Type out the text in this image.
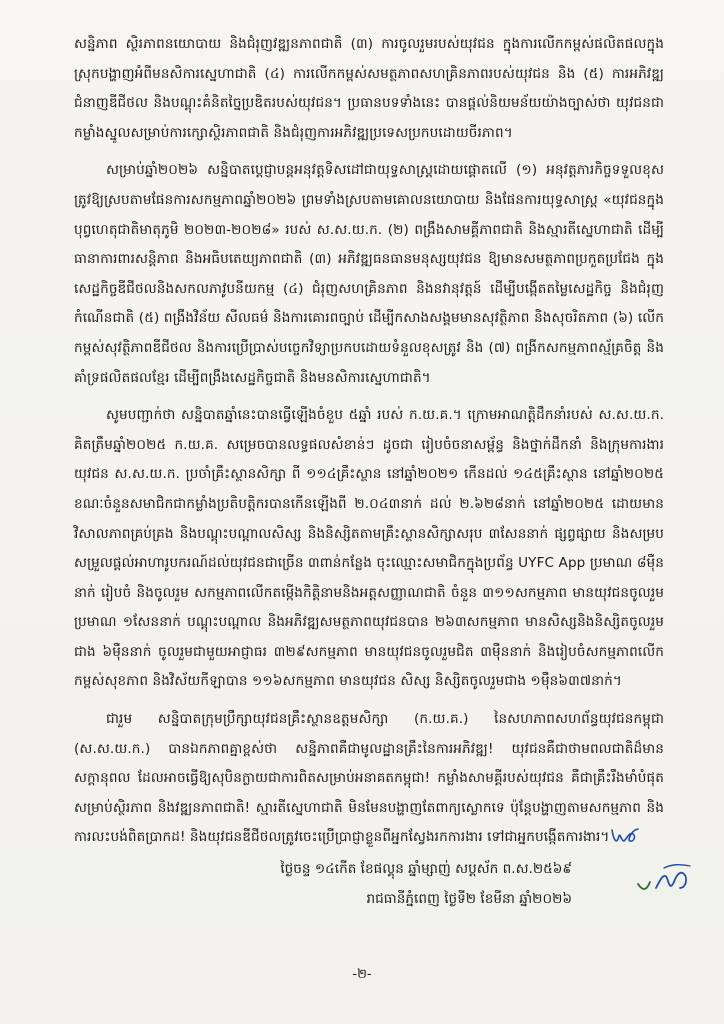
សន្និភាព ស្ថិរភាពនយោបាយ និងជំរុញវឌ្ឍនភាពជាតិ (៣) ការចូលរួមរបស់យុវជន ក្នុងការលើកកម្ពស់ផលិតផលក្នុងស្រុកបង្ហាញអំពីមនសិការស្នេហាជាតិ (៤) ការលើកកម្ពស់សមត្ថភាពសហគ្រិនភាពរបស់យុវជន និង (៥) ការអភិវឌ្ឍជំនាញឌីជីថល និងបណ្ដុះគំនិតច្នៃប្រឌិតរបស់យុវជន។ ប្រធានបទទាំងនេះ បានផ្ដល់និយមន័យយ៉ាងច្បាស់ថា យុវជនជាកម្លាំងស្នូលសម្រាប់ការក្សោស្ថិរភាពជាតិ និងជំរុញការអភិវឌ្ឍប្រទេសប្រកបដោយចីរភាព។

សម្រាប់ឆ្នាំ២០២៦ សន្និបាតប្ដេជ្ញាបន្តអនុវត្តទិសដៅជាយុទ្ធសាស្ត្រដោយផ្ដោតលើ (១) អនុវត្តភារកិច្ចទទួលខុសត្រូវឱ្យស្របតាមផែនការសកម្មភាពឆ្នាំ២០២៦ ព្រមទាំងស្របតាមគោលនយោបាយ និងផែនការយុទ្ធសាស្ត្រ «យុវជនក្នុងបុព្វហេតុជាតិមាតុភូមិ ២០២៣-២០២៨» របស់ ស.ស.យ.ក. (២) ពង្រឹងសាមគ្គីភាពជាតិ និងស្មារតីស្នេហាជាតិ ដើម្បីធានាការពារសន្តិភាព និងអធិបតេយ្យភាពជាតិ (៣) អភិវឌ្ឍធនធានមនុស្សយុវជន ឱ្យមានសមត្ថភាពប្រកួតប្រជែង ក្នុងសេដ្ឋកិច្ចឌីជីថលនិងសកលភាវូបនីយកម្ម (៤) ជំរុញសហគ្រិនភាព និងនវានុវត្តន៍ ដើម្បីបង្កើតតម្លៃសេដ្ឋកិច្ច និងជំរុញកំណើនជាតិ (៥) ពង្រឹងវិន័យ សីលធម៌ និងការគោរពច្បាប់ ដើម្បីកសាងសង្គមមានសុវត្ថិភាព និងសុចរិតភាព (៦) លើកកម្ពស់សុវត្ថិភាពឌីជីថល និងការប្រើប្រាស់បច្ចេកវិទ្យាប្រកបដោយទំនួលខុសត្រូវ និង (៧) ពង្រីកសកម្មភាពស្ម័គ្រចិត្ត និងគាំទ្រផលិតផលខ្មែរ ដើម្បីពង្រឹងសេដ្ឋកិច្ចជាតិ និងមនសិការស្នេហាជាតិ។

សូមបញ្ជាក់ថា សន្និបាតឆ្នាំនេះបានធ្វើឡើងចំខួប ៥ឆ្នាំ របស់ ក.យ.គ.។ ក្រោមអាណត្តិដឹកនាំរបស់ ស.ស.យ.ក. គិតត្រឹមឆ្នាំ២០២៥ ក.យ.គ. សម្រេចបានលទ្ធផលសំខាន់ៗ ដូចជា រៀបចំចនាសម្ព័ន្ធ និងថ្នាក់ដឹកនាំ និងក្រុមការងារយុវជន ស.ស.យ.ក. ប្រចាំគ្រឹះស្ថានសិក្សា ពី ១១៤គ្រឹះស្ថាន នៅឆ្នាំ២០២១ កើនដល់ ១៤៥គ្រឹះស្ថាន នៅឆ្នាំ២០២៥ ខណៈចំនួនសមាជិកជាកម្លាំងប្រតិបត្តិករបានកើនឡើងពី ២.០៤៣នាក់ ដល់ ២.៦២៨នាក់ នៅឆ្នាំ២០២៥ ដោយមានវិសាលភាពគ្រប់គ្រង និងបណ្ដុះបណ្ដាលសិស្ស និងនិស្សិតតាមគ្រឹះស្ថានសិក្សាសរុប ៣សែននាក់ ផ្សព្វផ្សាយ និងសម្របសម្រួលផ្ដល់អាហារូបករណ៍ដល់យុវជនជាច្រើន ៣ពាន់កន្លែង ចុះឈ្មោះសមាជិកក្នុងប្រព័ន្ធ UYFC App ប្រមាណ ៨ម៉ឺននាក់ រៀបចំ និងចូលរួម សកម្មភាពលើកតម្កើងកិត្តិនាមនិងអត្តសញ្ញាណជាតិ ចំនួន ៣១១សកម្មភាព មានយុវជនចូលរួមប្រមាណ ១សែននាក់ បណ្ដុះបណ្ដាល និងអភិវឌ្ឍសមត្ថភាពយុវជនបាន ២៦៣សកម្មភាព មានសិស្សនិងនិស្សិតចូលរួមជាង ៦ម៉ឺននាក់ ចូលរួមជាមួយអាជ្ញាធរ ៣២៩សកម្មភាព មានយុវជនចូលរួមជិត ៣ម៉ឺននាក់ និងរៀបចំសកម្មភាពលើកកម្ពស់សុខភាព និងវិស័យកីឡាបាន ១១៦សកម្មភាព មានយុវជន សិស្ស និស្សិតចូលរួមជាង ១ម៉ឺន៦៣៧នាក់។

ជារួម សន្និបាតក្រុមប្រឹក្សាយុវជនគ្រឹះស្ថានឧត្តមសិក្សា (ក.យ.គ.) នៃសហភាពសហព័ន្ធយុវជនកម្ពុជា (ស.ស.យ.ក.) បានឯកភាពគ្នាខ្ពស់ថា សន្និភាពគឺជាមូលដ្ឋានគ្រឹះនៃការអភិវឌ្ឍ! យុវជនគឺជាថាមពលជាតិដ៏មានសក្ដានុពល ដែលអាចធ្វើឱ្យសុបិនក្លាយជាការពិតសម្រាប់អនាគតកម្ពុជា! កម្លាំងសាមគ្គីរបស់យុវជន គឺជាគ្រឹះរឹងមាំបំផុតសម្រាប់ស្ថិរភាព និងវឌ្ឍនភាពជាតិ! ស្មារតីស្នេហាជាតិ មិនមែនបង្ហាញតែពាក្យស្លោកទេ ប៉ុន្តែបង្ហាញតាមសកម្មភាព និងការលះបង់ពិតប្រាកដ! និងយុវជនឌីជីថលត្រូវចេះប្រើប្រាជ្ញាខ្លួនពីអ្នកស្វែងរកការងារ ទៅជាអ្នកបង្កើតការងារ។

ថ្ងៃចន្ទ ១៤កើត ខែផល្គុន ឆ្នាំម្សាញ់ សប្តស័ក ព.ស.២៥៦៩
រាជធានីភ្នំពេញ ថ្ងៃទី២ ខែមីនា ឆ្នាំ២០២៦
-២-
